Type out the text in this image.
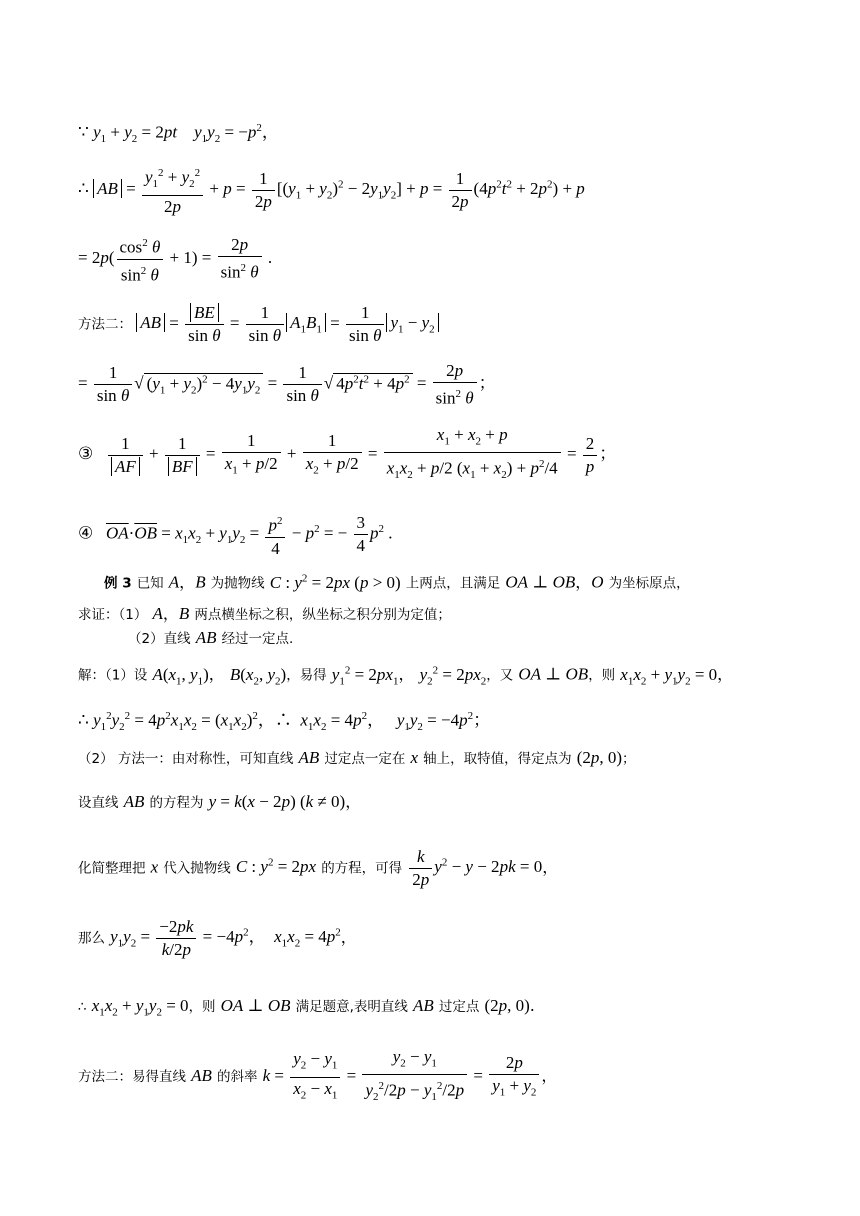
∵ $y_1 + y_2 = 2pt$ $y_1y_2 = -p^2$，
∴ AB = $\frac{y_1^2 + y_2^2}{2p} + p = \frac{1}{2p} [(y_1 + y_2)^2 - 2y_1y_2] + p = \frac{1}{2p} (4p^2t^2 + 2p^2) + p$
= $2p( \frac{\cos^2 \theta}{\sin^2 \theta} + 1) = \frac{2p}{\sin^2 \theta}$ .
方法二： AB = $\frac{BE}{\text{sin θ}} = \frac{1}{\text{sin θ}} A_1B_1 = \frac{1}{\text{sin θ}} y_1 - y_2$
= $\frac{1}{\text{sin θ}}$ √ $(y_1 + y_2)^2 - 4y_1y_2 = \frac{1}{\text{sin θ}}$ √ $4p^2t^2 + 4p^2 = \frac{2p}{\sin^2 \theta}$ ；
③ $\frac{1}{AF} + \frac{1}{BF} = \frac{1}{x_1 + p/2} + \frac{1}{x_2 + p/2} = \frac{x_1 + x_2 + p}{x_1x_2 + p/2 (x_1 + x_2) + p^2/4} = \frac{2}{p}$ ；
④ $\overline{OA}\cdot\overline{OB} = x_1x_2 + y_1y_2 = \frac{p^2}{4} - p^2$ = − $\frac{3}{4} p^2$ .
例 3 已知 A，B 为抛物线 C : $y^2 = 2px$ (p > 0) 上两点，且满足 OA ⊥ OB，O 为坐标原点，
求证：（1） A，B 两点横坐标之积，纵坐标之积分别为定值；
（2）直线 AB 经过一定点.
解：（1）设 $A(x_1$, $y_1$)， $B(x_2$, $y_2$)，易得 $y_1^2 = 2px_1$， $y_2^2 = 2px_2$，又 OA ⊥ OB，则 $x_1x_2 + y_1y_2 = 0$，
∴ $y_1^2y_2^2 = 4p^2x_1x_2 = (x_1x_2)^2$，∴  $x_1x_2 = 4p^2$，   $y_1y_2 = -4p^2$；
（2） 方法一：由对称性，可知直线 AB 过定点一定在 x 轴上，取特值，得定点为 (2p, 0)；
设直线 AB 的方程为 y = k(x − 2p) (k ≠ 0)，
化简整理把 x 代入抛物线 C : $y^2 = 2px$ 的方程，可得 $\frac{k}{2p} y^2 - y - 2pk = 0$，
那么 $y_1y_2 = \frac{-2pk}{k/2p} = -4p^2$，  $x_1x_2 = 4p^2$，
∴ $x_1x_2 + y_1y_2 = 0$，则 OA ⊥ OB 满足题意,表明直线 AB 过定点 (2p, 0).
方法二：易得直线 AB 的斜率 $k = \frac{y_2 - y_1}{x_2 - x_1} = \frac{y_2 - y_1}{y_2^2/2p - y_1^2/2p} = \frac{2p}{y_1 + y_2}$ ，
